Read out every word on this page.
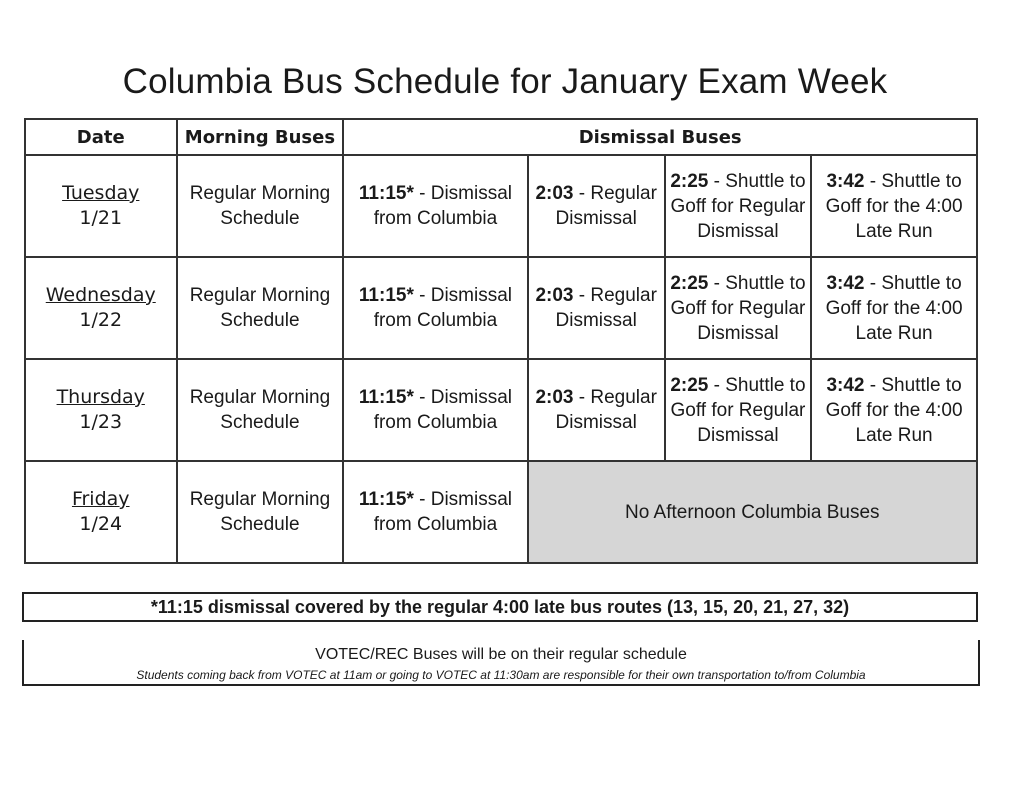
Columbia Bus Schedule for January Exam Week
Date	Morning Buses	Dismissal Buses			

Tuesday
1/21	Regular Morning Schedule	11:15* - Dismissal from Columbia	2:03 - Regular Dismissal	2:25 - Shuttle to Goff for Regular Dismissal	3:42 - Shuttle to Goff for the 4:00 Late Run

Wednesday
1/22	Regular Morning Schedule	11:15* - Dismissal from Columbia	2:03 - Regular Dismissal	2:25 - Shuttle to Goff for Regular Dismissal	3:42 - Shuttle to Goff for the 4:00 Late Run

Thursday
1/23	Regular Morning Schedule	11:15* - Dismissal from Columbia	2:03 - Regular Dismissal	2:25 - Shuttle to Goff for Regular Dismissal	3:42 - Shuttle to Goff for the 4:00 Late Run

Friday
1/24	Regular Morning Schedule	11:15* - Dismissal from Columbia	No Afternoon Columbia Buses		
*11:15 dismissal covered by the regular 4:00 late bus routes (13, 15, 20, 21, 27, 32)
VOTEC/REC Buses will be on their regular schedule
Students coming back from VOTEC at 11am or going to VOTEC at 11:30am are responsible for their own transportation to/from Columbia
